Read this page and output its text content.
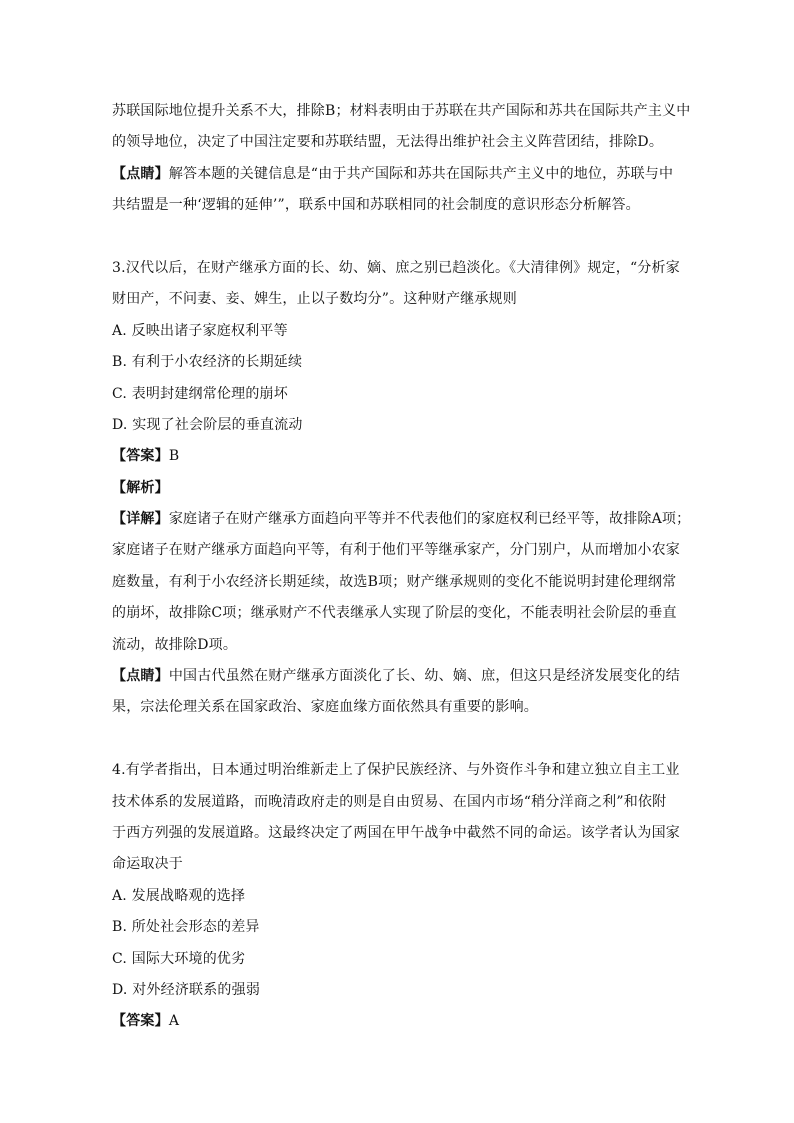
苏联国际地位提升关系不大，排除B；材料表明由于苏联在共产国际和苏共在国际共产主义中
的领导地位，决定了中国注定要和苏联结盟，无法得出维护社会主义阵营团结，排除D。
【点睛】解答本题的关键信息是“由于共产国际和苏共在国际共产主义中的地位，苏联与中
共结盟是一种‘逻辑的延伸’”，联系中国和苏联相同的社会制度的意识形态分析解答。
3.汉代以后，在财产继承方面的长、幼、嫡、庶之别已趋淡化。《大清律例》规定，“分析家
财田产，不问妻、妾、婢生，止以子数均分”。这种财产继承规则
A. 反映出诸子家庭权利平等
B. 有利于小农经济的长期延续
C. 表明封建纲常伦理的崩坏
D. 实现了社会阶层的垂直流动
【答案】B
【解析】
【详解】家庭诸子在财产继承方面趋向平等并不代表他们的家庭权利已经平等，故排除A项；
家庭诸子在财产继承方面趋向平等，有利于他们平等继承家产，分门别户，从而增加小农家
庭数量，有利于小农经济长期延续，故选B项；财产继承规则的变化不能说明封建伦理纲常
的崩坏，故排除C项；继承财产不代表继承人实现了阶层的变化，不能表明社会阶层的垂直
流动，故排除D项。
【点睛】中国古代虽然在财产继承方面淡化了长、幼、嫡、庶，但这只是经济发展变化的结
果，宗法伦理关系在国家政治、家庭血缘方面依然具有重要的影响。
4.有学者指出，日本通过明治维新走上了保护民族经济、与外资作斗争和建立独立自主工业
技术体系的发展道路，而晚清政府走的则是自由贸易、在国内市场“稍分洋商之利”和依附
于西方列强的发展道路。这最终决定了两国在甲午战争中截然不同的命运。该学者认为国家
命运取决于
A. 发展战略观的选择
B. 所处社会形态的差异
C. 国际大环境的优劣
D. 对外经济联系的强弱
【答案】A
